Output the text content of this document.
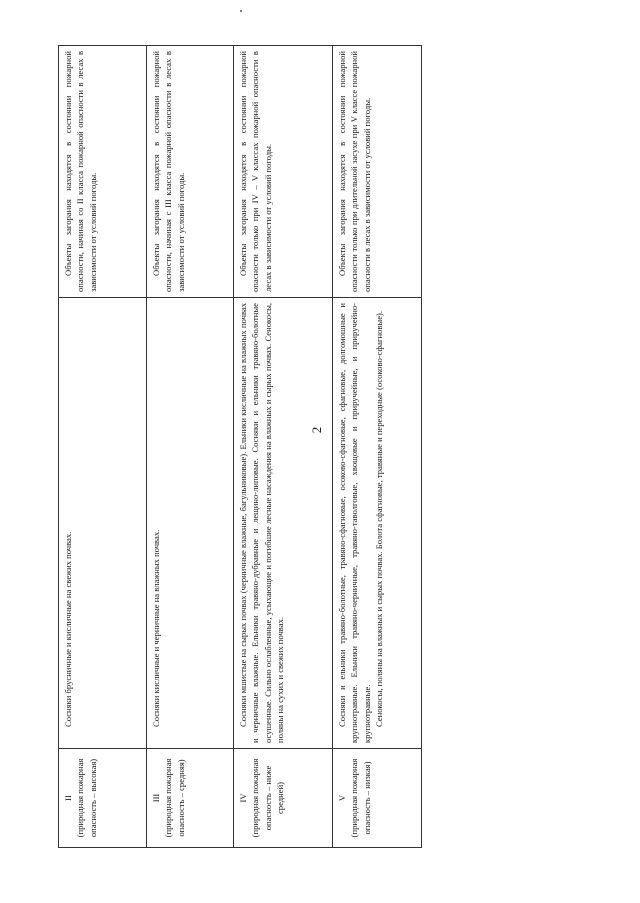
2
II (природная пожарная опасность – высокая)	Сосняки брусничные и кисличные на свежих почвах.	Объекты загорания находятся в состоянии пожарной опасности, начиная со II класса пожарной опасности в лесах в зависимости от условий погоды.

III (природная пожарная опасность – средняя)	Сосняки кисличные и черничные на влажных почвах.	Объекты загорания находятся в состоянии пожарной опасности, начиная с III класса пожарной опасности в лесах в зависимости от условий погоды.

IV (природная пожарная опасность – ниже средней)	Сосняки мшистые на сырых почвах (черничные влажные, багульниковые). Ельники кисличные на влажных почвах и черничные влажные. Ельники травяно-дубравные и лещино-липовые. Сосняки и ельники травяно-болотные осушенные. Сильно ослабленные, усыхающие и погибшие лесные насаждения на влажных и сырых почвах. Сенокосы, поляны на сухих и свежих почвах.	Объекты загорания находятся в состоянии пожарной опасности только при IV – V классах пожарной опасности в лесах в зависимости от условий погоды.

V (природная пожарная опасность – низкая)	Сосняки и ельники травяно-болотные, травяно-сфагновые, осоково-сфагновые, сфагновые, долгомошные и крупнотравные. Ельники травяно-черничные, травяно-таволговые, хвощовые и приручейные, и приручейно-крупнотравные. Сенокосы, поляны на влажных и сырых почвах. Болота сфагновые, травяные и переходные (осоково-сфагновые).	Объекты загорания находятся в состоянии пожарной опасности только при длительной засухе при V классе пожарной опасности в лесах в зависимости от условий погоды.
